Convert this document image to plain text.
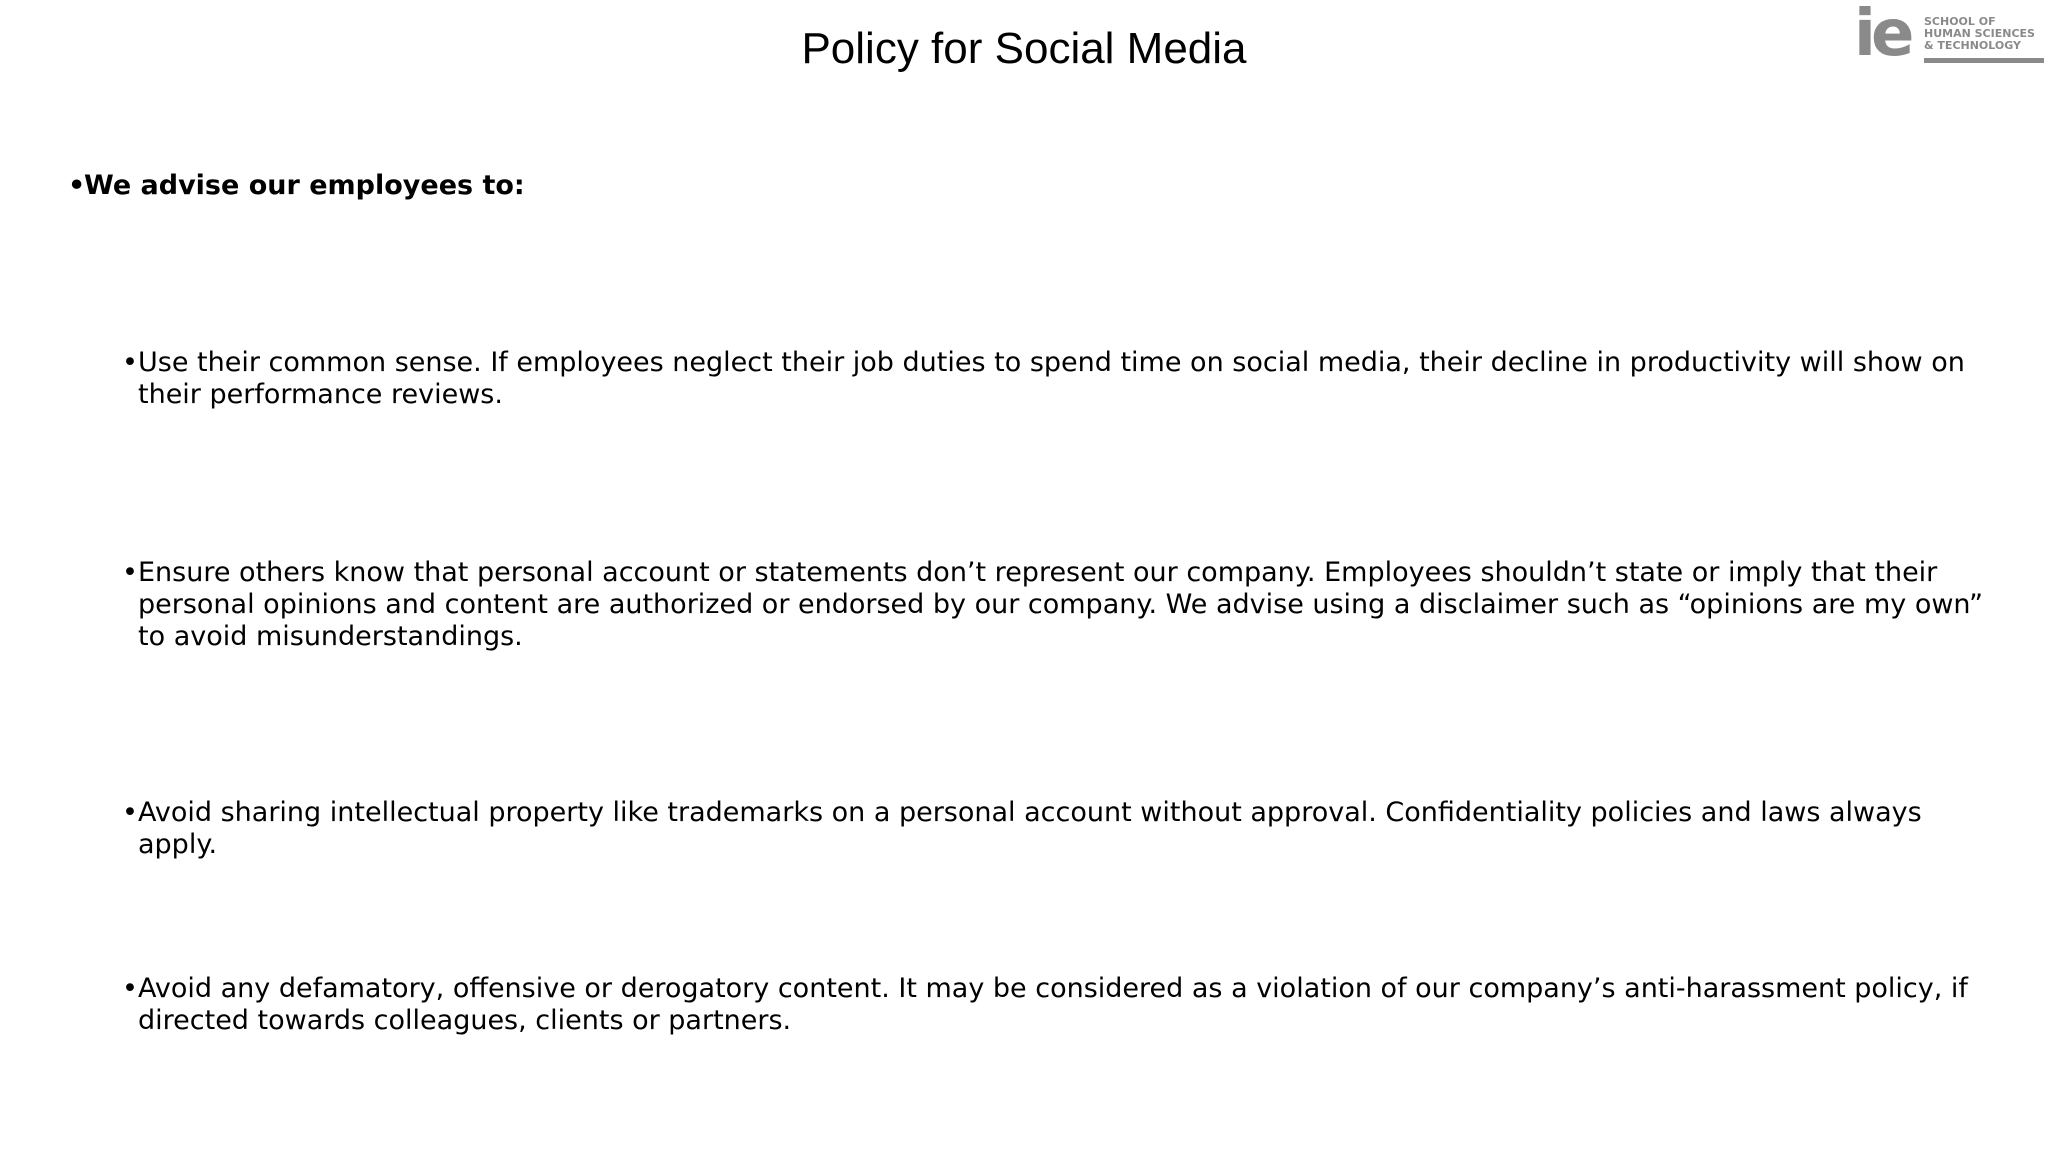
Policy for Social Media	ie SCHOOL OF
HUMAN SCIENCES
& TECHNOLOGY
•We advise our employees to:
• Use their common sense. If employees neglect their job duties to spend time on social media, their decline in productivity will show on their performance reviews.
• Ensure others know that personal account or statements don’t represent our company. Employees shouldn’t state or imply that their personal opinions and content are authorized or endorsed by our company. We advise using a disclaimer such as “opinions are my own” to avoid misunderstandings.
• Avoid sharing intellectual property like trademarks on a personal account without approval. Confidentiality policies and laws always apply.
• Avoid any defamatory, offensive or derogatory content. It may be considered as a violation of our company’s anti-harassment policy, if directed towards colleagues, clients or partners.
